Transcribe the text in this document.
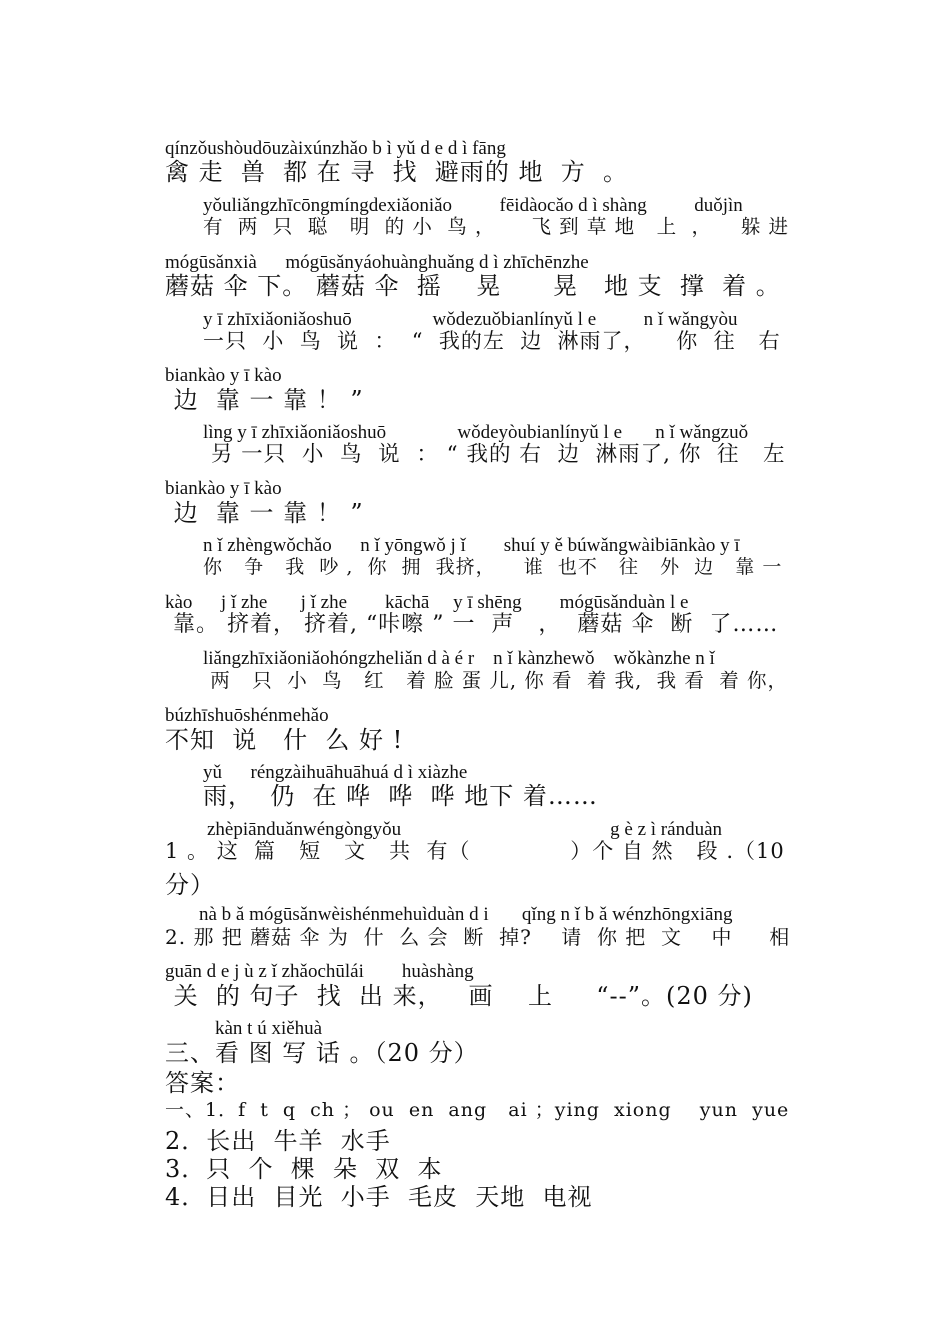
qínzǒushòudōuzàixúnzhǎo b ì yǔ d e d ì fāng
禽 走  兽  都 在 寻  找  避雨的 地  方  。
yǒuliǎngzhīcōngmíngdexiǎoniǎo          fēidàocǎo d ì shàng          duǒjìn
有  两  只  聪   明  的 小  鸟 ，     飞 到 草 地   上  ，    躲 进
mógūsǎnxià      mógūsǎnyáohuànghuǎng d ì zhīchēnzhe
蘑菇 伞 下。 蘑菇 伞  摇    晃      晃   地 支  撑  着 。
y ī zhīxiǎoniǎoshuō                 wǒdezuǒbianlínyǔ l e          n ǐ wǎngyòu
一只  小  鸟  说  ：  “  我的左  边  淋雨了，    你  往   右
biankào y ī kào
边  靠 一 靠 ！ ”
lìng y ī zhīxiǎoniǎoshuō               wǒdeyòubianlínyǔ l e       n ǐ wǎngzuǒ
另 一只  小  鸟  说  ： “ 我的 右  边  淋雨了, 你  往   左
biankào y ī kào
边  靠 一 靠 ！ ”
n ǐ zhèngwǒchǎo      n ǐ yōngwǒ j ǐ        shuí y ě búwǎngwàibiānkào y ī
你   争   我  吵 ,  你  拥  我挤，    谁  也不   往   外  边   靠 一
kào      j ǐ zhe       j ǐ zhe        kāchā     y ī shēng        mógūsǎnduàn l e
靠。 挤着， 挤着, “咔嚓 ” 一  声   ，  蘑菇 伞  断  了……
liǎngzhīxiǎoniǎohóngzheliǎn d à é r    n ǐ kànzhewǒ    wǒkànzhe n ǐ
两   只  小  鸟   红   着 脸 蛋 儿, 你 看  着 我,  我 看  着 你，
búzhīshuōshénmehǎo
不知  说   什  么 好 !
yǔ      réngzàihuāhuāhuá d ì xiàzhe
雨，  仍  在 哗  哗  哗 地下 着……
zhèpiānduǎnwéngòngyǒu                                            g è z ì ránduàn
1 。 这  篇   短   文   共  有（             ）个 自 然   段 .（10
分）
nà b ǎ mógūsǎnwèishénmehuìduàn d i       qǐng n ǐ b ǎ wénzhōngxiāng
2. 那 把 蘑菇 伞 为  什  么 会  断  掉?    请  你 把  文    中     相
guān d e j ù z ǐ zhǎochūlái        huàshàng
关  的 句子  找  出 来，   画    上     “--”。(20 分)
kàn t ú xiěhuà
三、看 图 写 话 。（20 分）
答案：
一、1．f  t  q  ch ； ou  en  ang   ai ；ying  xiong    yun  yue
2．长出  牛羊  水手
3．只  个  棵  朵  双  本
4．日出  目光  小手  毛皮  天地  电视
